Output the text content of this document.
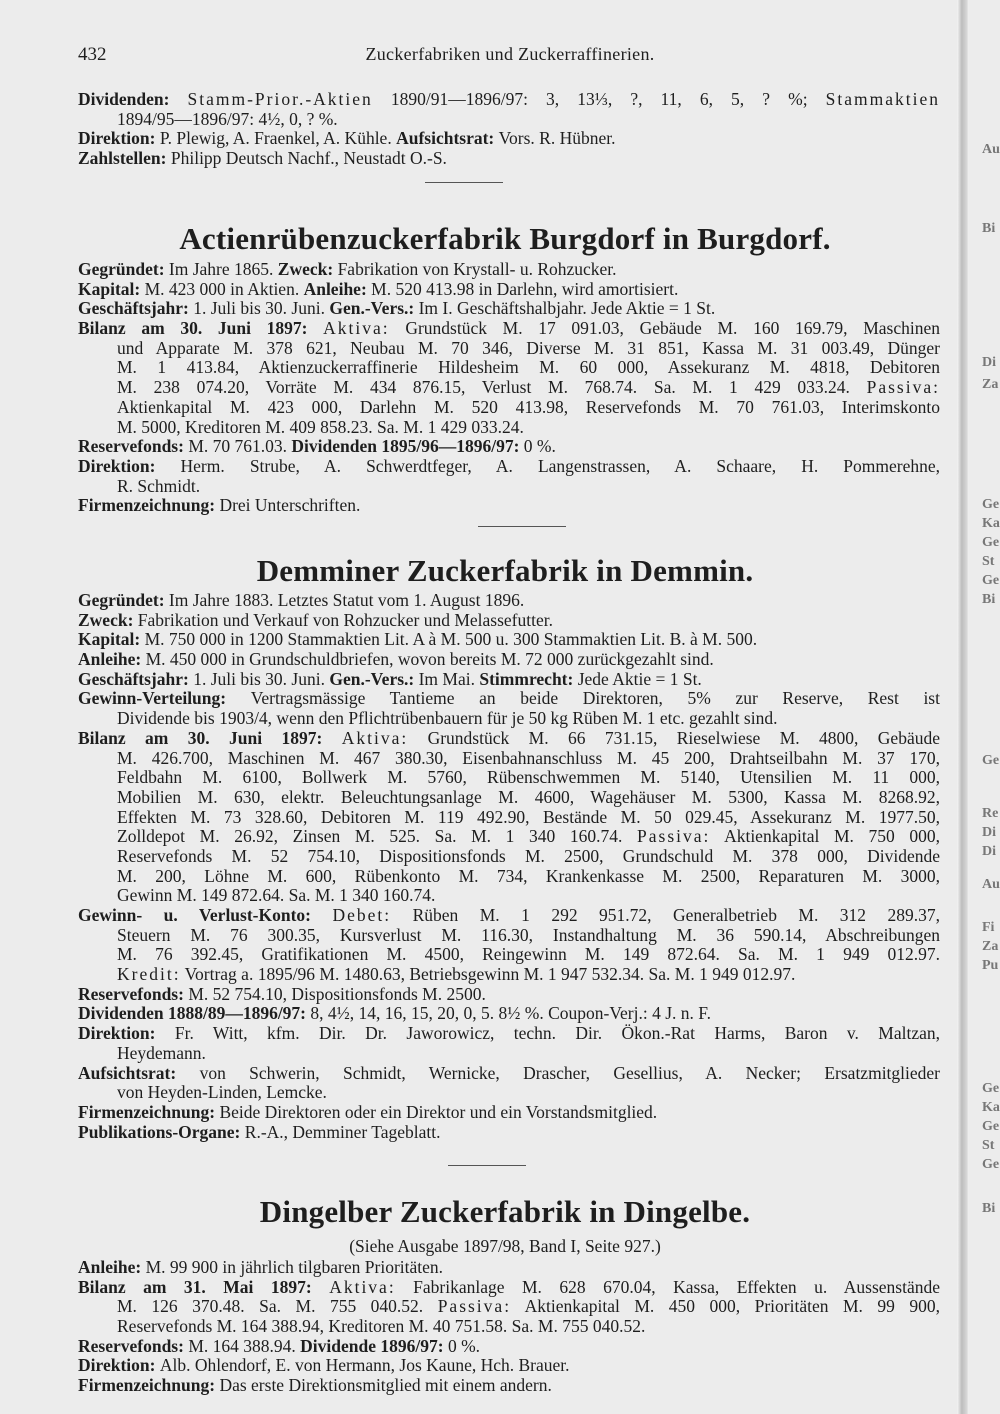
432	Zuckerfabriken und Zuckerraffinerien.
Dividenden: Stamm-Prior.-Aktien 1890/91—1896/97: 3, 13⅓, ?, 11, 6, 5, ? %; Stammaktien
1894/95—1896/97: 4½, 0, ? %.
Direktion: P. Plewig, A. Fraenkel, A. Kühle. Aufsichtsrat: Vors. R. Hübner.
Zahlstellen: Philipp Deutsch Nachf., Neustadt O.-S.
Actienrübenzuckerfabrik Burgdorf in Burgdorf.
Gegründet: Im Jahre 1865. Zweck: Fabrikation von Krystall- u. Rohzucker.
Kapital: M. 423 000 in Aktien. Anleihe: M. 520 413.98 in Darlehn, wird amortisiert.
Geschäftsjahr: 1. Juli bis 30. Juni. Gen.-Vers.: Im I. Geschäftshalbjahr. Jede Aktie = 1 St.
Bilanz am 30. Juni 1897: Aktiva: Grundstück M. 17 091.03, Gebäude M. 160 169.79, Maschinen
und Apparate M. 378 621, Neubau M. 70 346, Diverse M. 31 851, Kassa M. 31 003.49, Dünger
M. 1 413.84, Aktienzuckerraffinerie Hildesheim M. 60 000, Assekuranz M. 4818, Debitoren
M. 238 074.20, Vorräte M. 434 876.15, Verlust M. 768.74. Sa. M. 1 429 033.24. Passiva:
Aktienkapital M. 423 000, Darlehn M. 520 413.98, Reservefonds M. 70 761.03, Interimskonto
M. 5000, Kreditoren M. 409 858.23. Sa. M. 1 429 033.24.
Reservefonds: M. 70 761.03. Dividenden 1895/96—1896/97: 0 %.
Direktion: Herm. Strube, A. Schwerdtfeger, A. Langenstrassen, A. Schaare, H. Pommerehne,
R. Schmidt.
Firmenzeichnung: Drei Unterschriften.
Demminer Zuckerfabrik in Demmin.
Gegründet: Im Jahre 1883. Letztes Statut vom 1. August 1896.
Zweck: Fabrikation und Verkauf von Rohzucker und Melassefutter.
Kapital: M. 750 000 in 1200 Stammaktien Lit. A à M. 500 u. 300 Stammaktien Lit. B. à M. 500.
Anleihe: M. 450 000 in Grundschuldbriefen, wovon bereits M. 72 000 zurückgezahlt sind.
Geschäftsjahr: 1. Juli bis 30. Juni. Gen.-Vers.: Im Mai. Stimmrecht: Jede Aktie = 1 St.
Gewinn-Verteilung: Vertragsmässige Tantieme an beide Direktoren, 5% zur Reserve, Rest ist
Dividende bis 1903/4, wenn den Pflichtrübenbauern für je 50 kg Rüben M. 1 etc. gezahlt sind.
Bilanz am 30. Juni 1897: Aktiva: Grundstück M. 66 731.15, Rieselwiese M. 4800, Gebäude
M. 426.700, Maschinen M. 467 380.30, Eisenbahnanschluss M. 45 200, Drahtseilbahn M. 37 170,
Feldbahn M. 6100, Bollwerk M. 5760, Rübenschwemmen M. 5140, Utensilien M. 11 000,
Mobilien M. 630, elektr. Beleuchtungsanlage M. 4600, Wagehäuser M. 5300, Kassa M. 8268.92,
Effekten M. 73 328.60, Debitoren M. 119 492.90, Bestände M. 50 029.45, Assekuranz M. 1977.50,
Zolldepot M. 26.92, Zinsen M. 525. Sa. M. 1 340 160.74. Passiva: Aktienkapital M. 750 000,
Reservefonds M. 52 754.10, Dispositionsfonds M. 2500, Grundschuld M. 378 000, Dividende
M. 200, Löhne M. 600, Rübenkonto M. 734, Krankenkasse M. 2500, Reparaturen M. 3000,
Gewinn M. 149 872.64. Sa. M. 1 340 160.74.
Gewinn- u. Verlust-Konto: Debet: Rüben M. 1 292 951.72, Generalbetrieb M. 312 289.37,
Steuern M. 76 300.35, Kursverlust M. 116.30, Instandhaltung M. 36 590.14, Abschreibungen
M. 76 392.45, Gratifikationen M. 4500, Reingewinn M. 149 872.64. Sa. M. 1 949 012.97.
Kredit: Vortrag a. 1895/96 M. 1480.63, Betriebsgewinn M. 1 947 532.34. Sa. M. 1 949 012.97.
Reservefonds: M. 52 754.10, Dispositionsfonds M. 2500.
Dividenden 1888/89—1896/97: 8, 4½, 14, 16, 15, 20, 0, 5. 8½ %. Coupon-Verj.: 4 J. n. F.
Direktion: Fr. Witt, kfm. Dir. Dr. Jaworowicz, techn. Dir. Ökon.-Rat Harms, Baron v. Maltzan,
Heydemann.
Aufsichtsrat: von Schwerin, Schmidt, Wernicke, Drascher, Gesellius, A. Necker; Ersatzmitglieder
von Heyden-Linden, Lemcke.
Firmenzeichnung: Beide Direktoren oder ein Direktor und ein Vorstandsmitglied.
Publikations-Organe: R.-A., Demminer Tageblatt.
Dingelber Zuckerfabrik in Dingelbe.
(Siehe Ausgabe 1897/98, Band I, Seite 927.)
Anleihe: M. 99 900 in jährlich tilgbaren Prioritäten.
Bilanz am 31. Mai 1897: Aktiva: Fabrikanlage M. 628 670.04, Kassa, Effekten u. Aussenstände
M. 126 370.48. Sa. M. 755 040.52. Passiva: Aktienkapital M. 450 000, Prioritäten M. 99 900,
Reservefonds M. 164 388.94, Kreditoren M. 40 751.58. Sa. M. 755 040.52.
Reservefonds: M. 164 388.94. Dividende 1896/97: 0 %.
Direktion: Alb. Ohlendorf, E. von Hermann, Jos Kaune, Hch. Brauer.
Firmenzeichnung: Das erste Direktionsmitglied mit einem andern.
Au
Bi
Di
Za
Ge
Ka
Ge
St
Ge
Bi
Ge
Re
Di
Di
Au
Fi
Za
Pu
Ge
Ka
Ge
St
Ge
Bi
